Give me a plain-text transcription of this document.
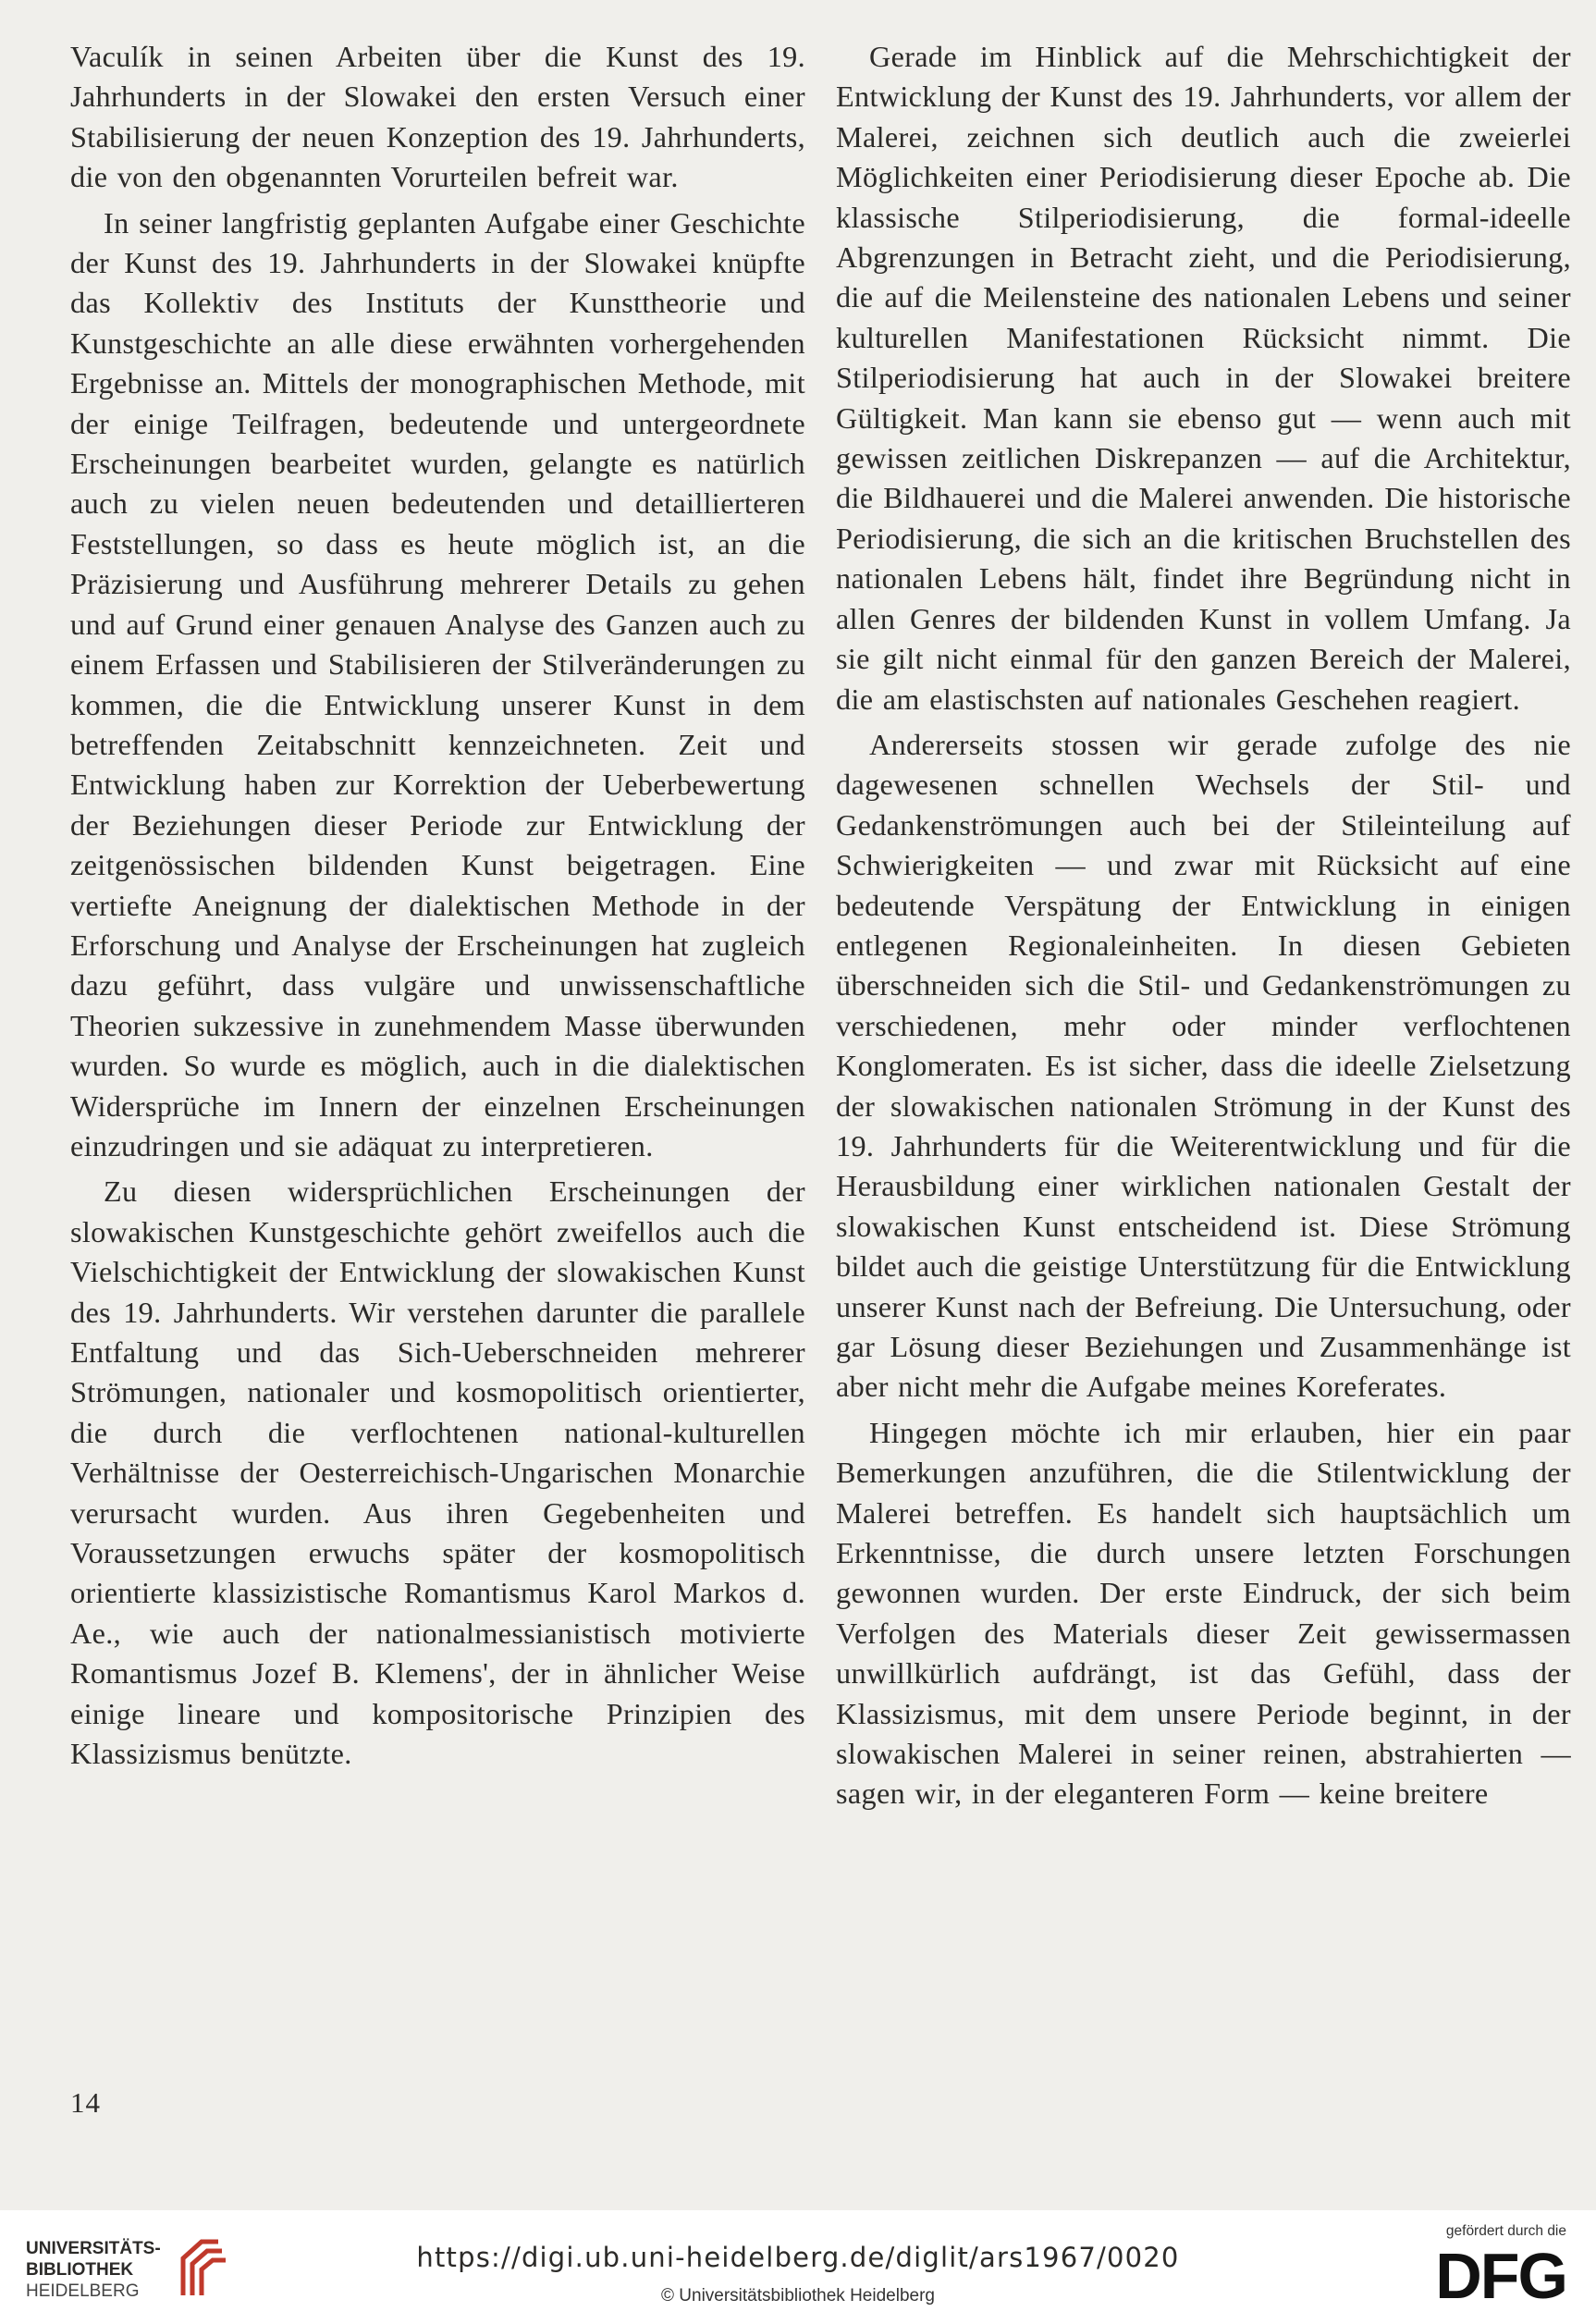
Vaculík in seinen Arbeiten über die Kunst des 19. Jahrhunderts in der Slowakei den ersten Versuch einer Stabilisierung der neuen Konzeption des 19. Jahrhunderts, die von den obgenannten Vorurteilen befreit war.

In seiner langfristig geplanten Aufgabe einer Geschichte der Kunst des 19. Jahrhunderts in der Slowakei knüpfte das Kollektiv des Instituts der Kunsttheorie und Kunstgeschichte an alle diese erwähnten vorhergehenden Ergebnisse an. Mittels der monographischen Methode, mit der einige Teilfragen, bedeutende und untergeordnete Erscheinungen bearbeitet wurden, gelangte es natürlich auch zu vielen neuen bedeutenden und detaillierteren Feststellungen, so dass es heute möglich ist, an die Präzisierung und Ausführung mehrerer Details zu gehen und auf Grund einer genauen Analyse des Ganzen auch zu einem Erfassen und Stabilisieren der Stilveränderungen zu kommen, die die Entwicklung unserer Kunst in dem betreffenden Zeitabschnitt kennzeichneten. Zeit und Entwicklung haben zur Korrektion der Ueberbewertung der Beziehungen dieser Periode zur Entwicklung der zeitgenössischen bildenden Kunst beigetragen. Eine vertiefte Aneignung der dialektischen Methode in der Erforschung und Analyse der Erscheinungen hat zugleich dazu geführt, dass vulgäre und unwissenschaftliche Theorien sukzessive in zunehmendem Masse überwunden wurden. So wurde es möglich, auch in die dialektischen Widersprüche im Innern der einzelnen Erscheinungen einzudringen und sie adäquat zu interpretieren.

Zu diesen widersprüchlichen Erscheinungen der slowakischen Kunstgeschichte gehört zweifellos auch die Vielschichtigkeit der Entwicklung der slowakischen Kunst des 19. Jahrhunderts. Wir verstehen darunter die parallele Entfaltung und das Sich-Ueberschneiden mehrerer Strömungen, nationaler und kosmopolitisch orientierter, die durch die verflochtenen national-kulturellen Verhältnisse der Oesterreichisch-Ungarischen Monarchie verursacht wurden. Aus ihren Gegebenheiten und Voraussetzungen erwuchs später der kosmopolitisch orientierte klassizistische Romantismus Karol Markos d. Ae., wie auch der nationalmessianistisch motivierte Romantismus Jozef B. Klemens', der in ähnlicher Weise einige lineare und kompositorische Prinzipien des Klassizismus benützte.

Gerade im Hinblick auf die Mehrschichtigkeit der Entwicklung der Kunst des 19. Jahrhunderts, vor allem der Malerei, zeichnen sich deutlich auch die zweierlei Möglichkeiten einer Periodisierung dieser Epoche ab. Die klassische Stilperiodisierung, die formal-ideelle Abgrenzungen in Betracht zieht, und die Periodisierung, die auf die Meilensteine des nationalen Lebens und seiner kulturellen Manifestationen Rücksicht nimmt. Die Stilperiodisierung hat auch in der Slowakei breitere Gültigkeit. Man kann sie ebenso gut — wenn auch mit gewissen zeitlichen Diskrepanzen — auf die Architektur, die Bildhauerei und die Malerei anwenden. Die historische Periodisierung, die sich an die kritischen Bruchstellen des nationalen Lebens hält, findet ihre Begründung nicht in allen Genres der bildenden Kunst in vollem Umfang. Ja sie gilt nicht einmal für den ganzen Bereich der Malerei, die am elastischsten auf nationales Geschehen reagiert.

Andererseits stossen wir gerade zufolge des nie dagewesenen schnellen Wechsels der Stil- und Gedankenströmungen auch bei der Stileinteilung auf Schwierigkeiten — und zwar mit Rücksicht auf eine bedeutende Verspätung der Entwicklung in einigen entlegenen Regionaleinheiten. In diesen Gebieten überschneiden sich die Stil- und Gedankenströmungen zu verschiedenen, mehr oder minder verflochtenen Konglomeraten. Es ist sicher, dass die ideelle Zielsetzung der slowakischen nationalen Strömung in der Kunst des 19. Jahrhunderts für die Weiterentwicklung und für die Herausbildung einer wirklichen nationalen Gestalt der slowakischen Kunst entscheidend ist. Diese Strömung bildet auch die geistige Unterstützung für die Entwicklung unserer Kunst nach der Befreiung. Die Untersuchung, oder gar Lösung dieser Beziehungen und Zusammenhänge ist aber nicht mehr die Aufgabe meines Koreferates.

Hingegen möchte ich mir erlauben, hier ein paar Bemerkungen anzuführen, die die Stilentwicklung der Malerei betreffen. Es handelt sich hauptsächlich um Erkenntnisse, die durch unsere letzten Forschungen gewonnen wurden. Der erste Eindruck, der sich beim Verfolgen des Materials dieser Zeit gewissermassen unwillkürlich aufdrängt, ist das Gefühl, dass der Klassizismus, mit dem unsere Periode beginnt, in der slowakischen Malerei in seiner reinen, abstrahierten — sagen wir, in der eleganteren Form — keine breitere

14
UNIVERSITÄTS-
BIBLIOTHEK
HEIDELBERG
https://digi.ub.uni-heidelberg.de/diglit/ars1967/0020
© Universitätsbibliothek Heidelberg
gefördert durch die
DFG
